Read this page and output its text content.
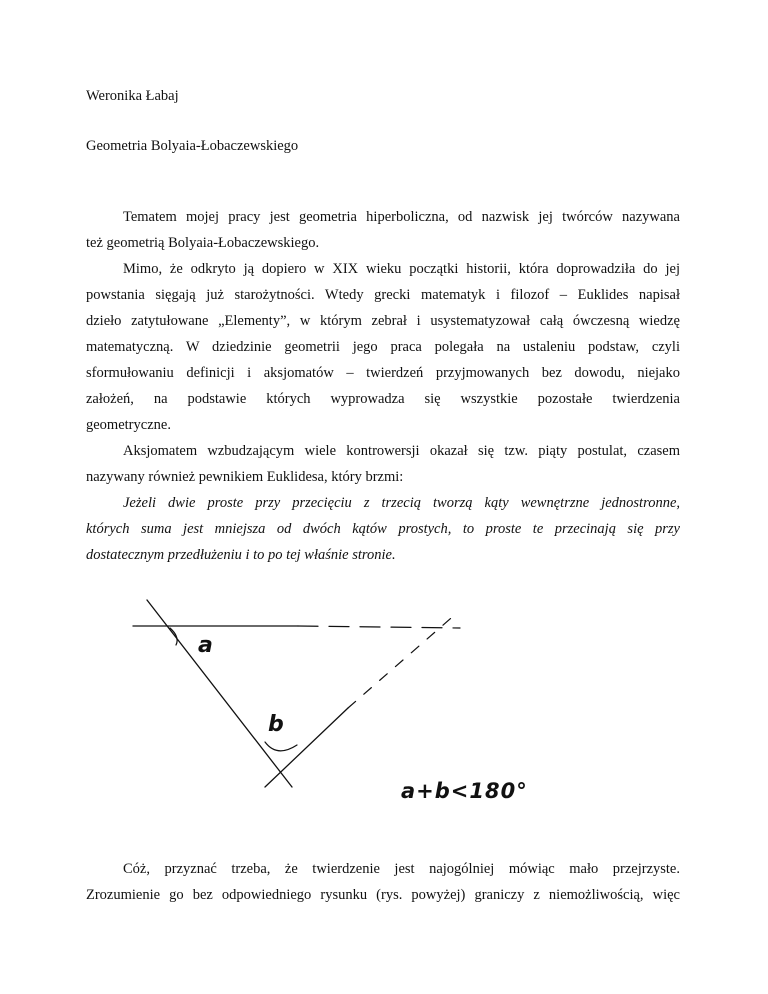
Weronika Łabaj
Geometria Bolyaia-Łobaczewskiego
Tematem mojej pracy jest geometria hiperboliczna, od nazwisk jej twórców nazywana
też geometrią Bolyaia-Łobaczewskiego.
Mimo, że odkryto ją dopiero w XIX wieku początki historii, która doprowadziła do jej
powstania sięgają już starożytności. Wtedy grecki matematyk i filozof – Euklides napisał
dzieło zatytułowane „Elementy”, w którym zebrał i usystematyzował całą ówczesną wiedzę
matematyczną. W dziedzinie geometrii jego praca polegała na ustaleniu podstaw, czyli
sformułowaniu definicji i aksjomatów – twierdzeń przyjmowanych bez dowodu, niejako
założeń, na podstawie których wyprowadza się wszystkie pozostałe twierdzenia
geometryczne.
Aksjomatem wzbudzającym wiele kontrowersji okazał się tzw. piąty postulat, czasem
nazywany również pewnikiem Euklidesa, który brzmi:
Jeżeli dwie proste przy przecięciu z trzecią tworzą kąty wewnętrzne jednostronne,
których suma jest mniejsza od dwóch kątów prostych, to proste te przecinają się przy
dostatecznym przedłużeniu i to po tej właśnie stronie.
a
b
a+b<180°
Cóż, przyznać trzeba, że twierdzenie jest najogólniej mówiąc mało przejrzyste.
Zrozumienie go bez odpowiedniego rysunku (rys. powyżej) graniczy z niemożliwością, więc
